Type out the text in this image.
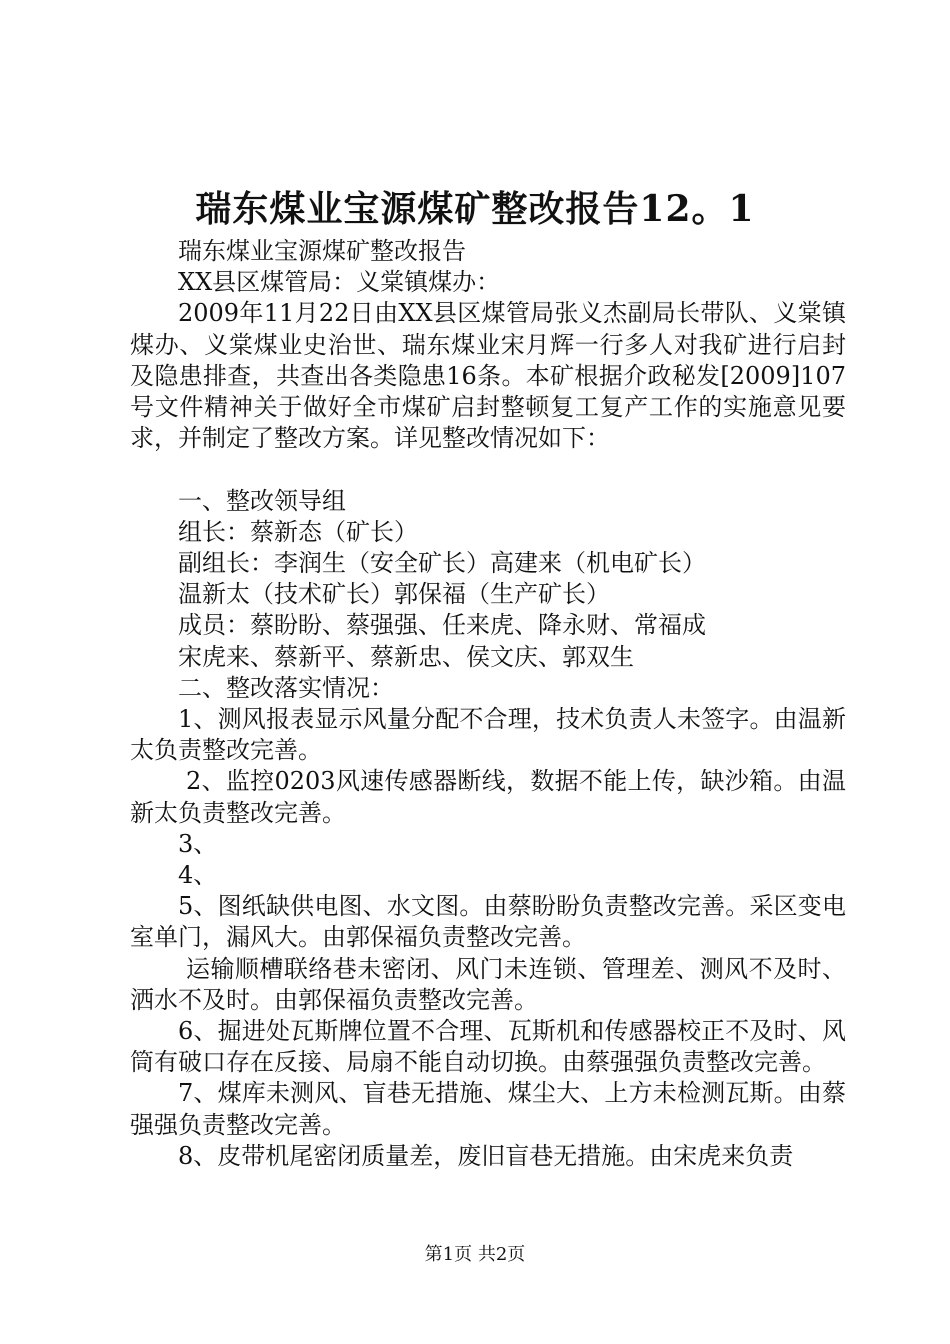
瑞东煤业宝源煤矿整改报告12。1

瑞东煤业宝源煤矿整改报告

XX县区煤管局：义棠镇煤办：

2009年11月22日由XX县区煤管局张义杰副局长带队、义棠镇煤办、义棠煤业史治世、瑞东煤业宋月辉一行多人对我矿进行启封及隐患排查，共查出各类隐患16条。本矿根据介政秘发[2009]107号文件精神关于做好全市煤矿启封整顿复工复产工作的实施意见要求，并制定了整改方案。详见整改情况如下：

一、整改领导组

组长：蔡新态（矿长）

副组长：李润生（安全矿长）高建来（机电矿长）

温新太（技术矿长）郭保福（生产矿长）

成员：蔡盼盼、蔡强强、任来虎、降永财、常福成

宋虎来、蔡新平、蔡新忠、侯文庆、郭双生

二、整改落实情况：

1、测风报表显示风量分配不合理，技术负责人未签字。由温新太负责整改完善。

2、监控0203风速传感器断线，数据不能上传，缺沙箱。由温新太负责整改完善。

3、

4、

5、图纸缺供电图、水文图。由蔡盼盼负责整改完善。采区变电室单门，漏风大。由郭保福负责整改完善。

运输顺槽联络巷未密闭、风门未连锁、管理差、测风不及时、洒水不及时。由郭保福负责整改完善。

6、掘进处瓦斯牌位置不合理、瓦斯机和传感器校正不及时、风筒有破口存在反接、局扇不能自动切换。由蔡强强负责整改完善。

7、煤库未测风、盲巷无措施、煤尘大、上方未检测瓦斯。由蔡强强负责整改完善。

8、皮带机尾密闭质量差，废旧盲巷无措施。由宋虎来负责

第1页 共2页
